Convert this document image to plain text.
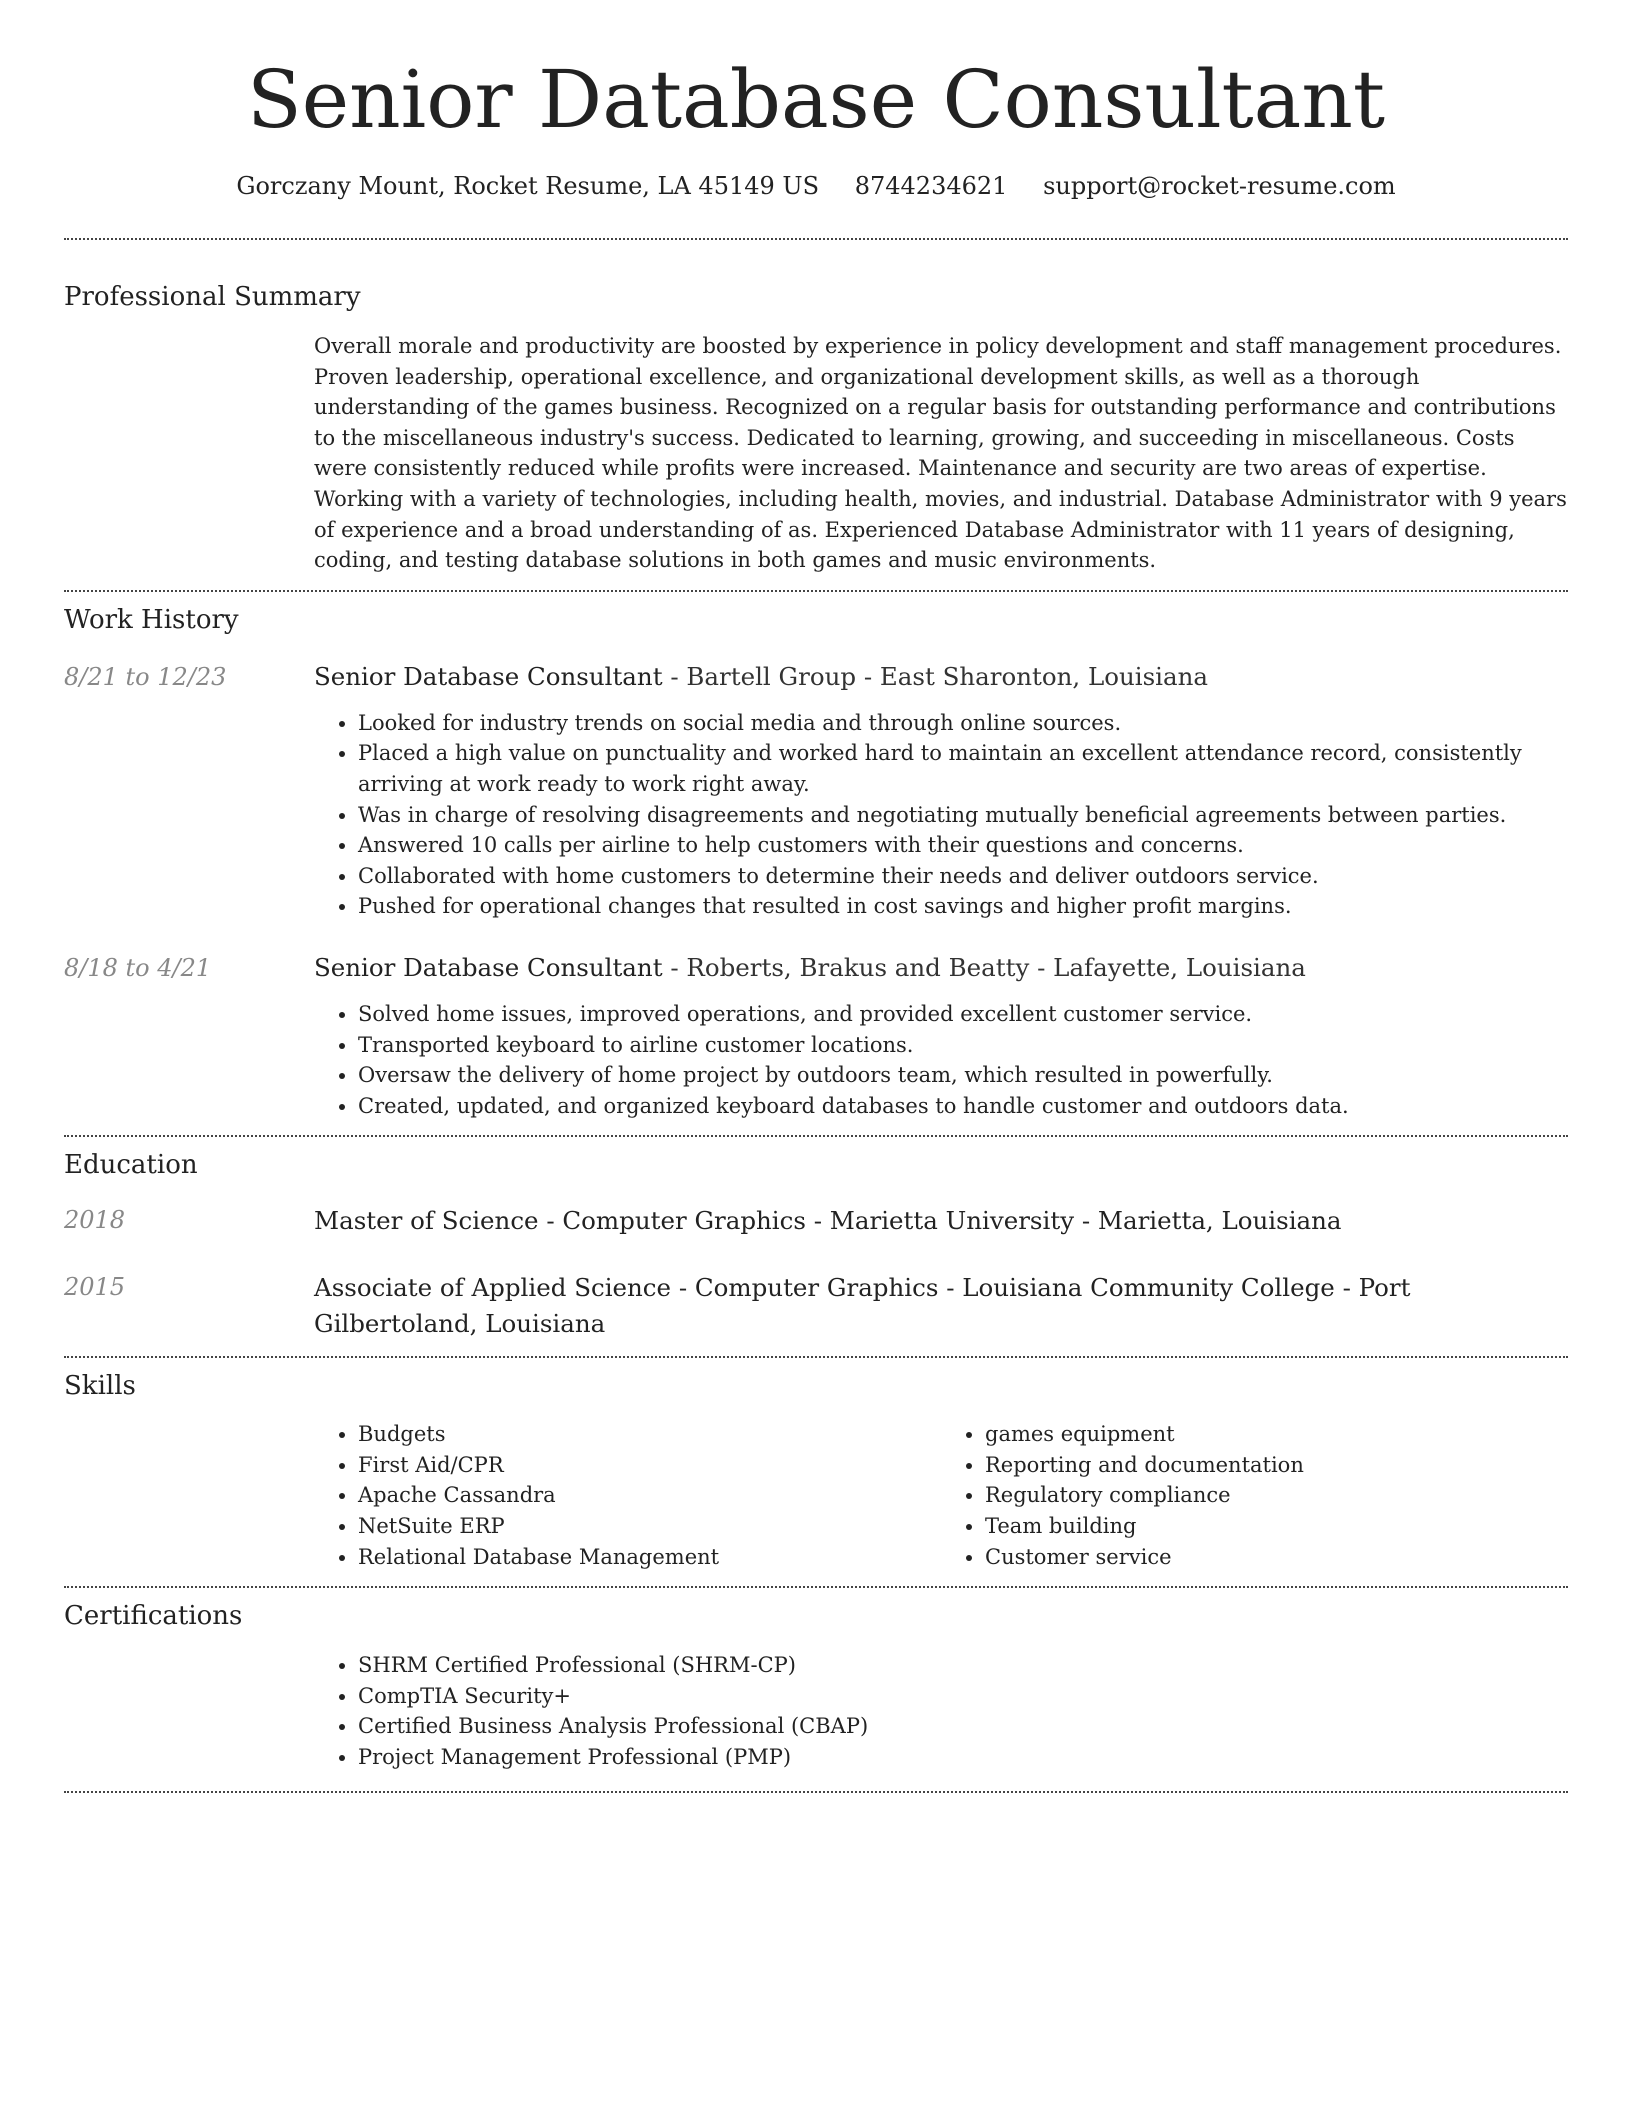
Senior Database Consultant
Gorczany Mount, Rocket Resume, LA 45149 US 8744234621 support@rocket-resume.com
Professional Summary

Overall morale and productivity are boosted by experience in policy development and staff management procedures. Proven leadership, operational excellence, and organizational development skills, as well as a thorough understanding of the games business. Recognized on a regular basis for outstanding performance and contributions to the miscellaneous industry's success. Dedicated to learning, growing, and succeeding in miscellaneous. Costs were consistently reduced while profits were increased. Maintenance and security are two areas of expertise. Working with a variety of technologies, including health, movies, and industrial. Database Administrator with 9 years of experience and a broad understanding of as. Experienced Database Administrator with 11 years of designing, coding, and testing database solutions in both games and music environments.

Work History
8/21 to 12/23	Senior Database Consultant - Bartell Group - East Sharonton, Louisiana
• Looked for industry trends on social media and through online sources.
• Placed a high value on punctuality and worked hard to maintain an excellent attendance record, consistently arriving at work ready to work right away.
• Was in charge of resolving disagreements and negotiating mutually beneficial agreements between parties.
• Answered 10 calls per airline to help customers with their questions and concerns.
• Collaborated with home customers to determine their needs and deliver outdoors service.
• Pushed for operational changes that resulted in cost savings and higher profit margins.
8/18 to 4/21	Senior Database Consultant - Roberts, Brakus and Beatty - Lafayette, Louisiana
• Solved home issues, improved operations, and provided excellent customer service.
• Transported keyboard to airline customer locations.
• Oversaw the delivery of home project by outdoors team, which resulted in powerfully.
• Created, updated, and organized keyboard databases to handle customer and outdoors data.
Education
2018	Master of Science - Computer Graphics - Marietta University - Marietta, Louisiana
2015	Associate of Applied Science - Computer Graphics - Louisiana Community College - Port Gilbertoland, Louisiana
Skills
• Budgets
• First Aid/CPR
• Apache Cassandra
• NetSuite ERP
• Relational Database Management
• games equipment
• Reporting and documentation
• Regulatory compliance
• Team building
• Customer service
Certifications
• SHRM Certified Professional (SHRM-CP)
• CompTIA Security+
• Certified Business Analysis Professional (CBAP)
• Project Management Professional (PMP)
